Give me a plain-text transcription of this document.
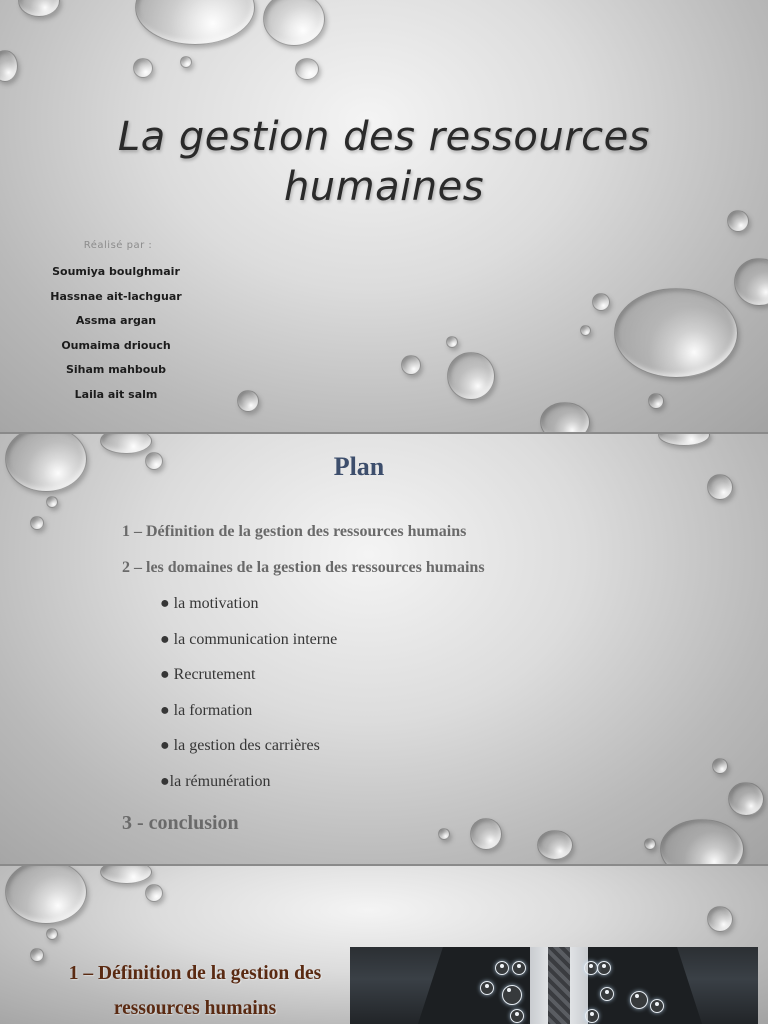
La gestion des ressources
humaines
Réalisé par :
Soumiya boulghmair
Hassnae ait-lachguar
Assma argan
Oumaima driouch
Siham mahboub
Laila ait salm
Plan
1 – Définition de la gestion des ressources humains
2 – les domaines de la gestion des ressources humains
● la motivation
● la communication interne
● Recrutement
● la formation
● la gestion des carrières
●la rémunération
3 - conclusion
1 – Définition de la gestion des
ressources humains
